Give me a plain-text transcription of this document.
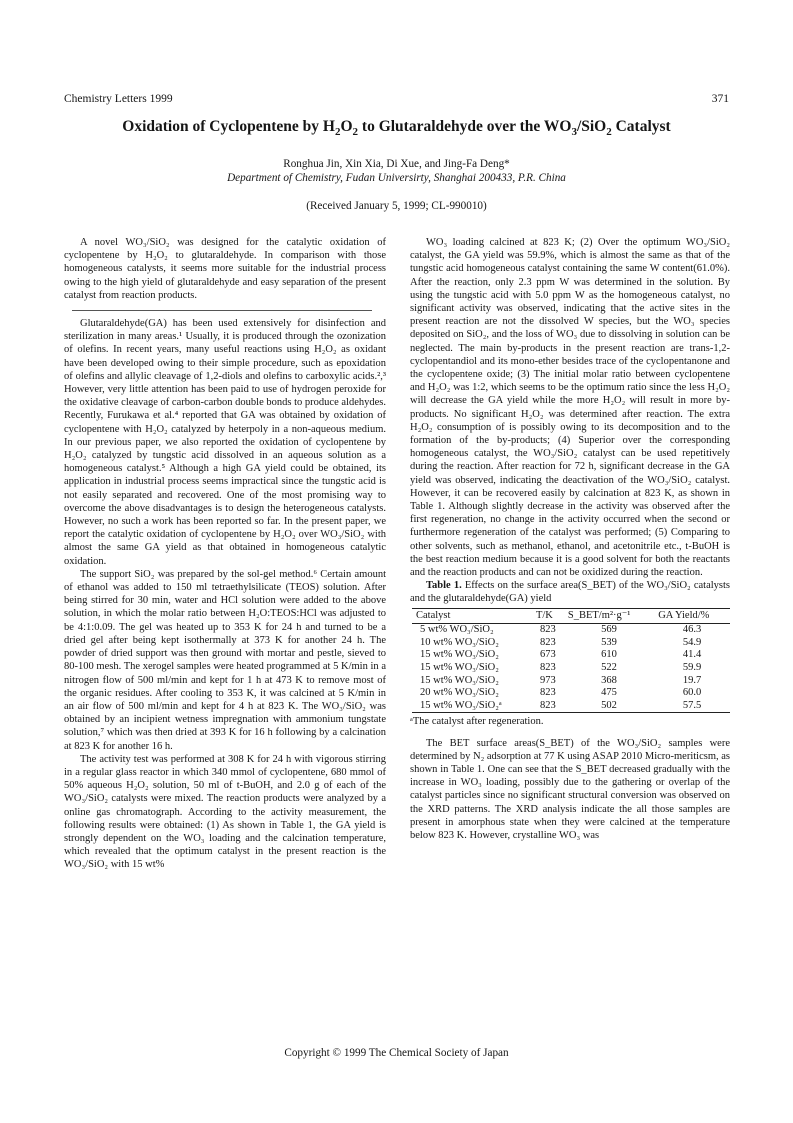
Chemistry Letters 1999	371
Oxidation of Cyclopentene by $H_2O_2$ to Glutaraldehyde over the $WO_3/SiO_2$ Catalyst
Ronghua Jin, Xin Xia, Di Xue, and Jing-Fa Deng*
Department of Chemistry, Fudan Universirty, Shanghai 200433, P.R. China
(Received January 5, 1999; CL-990010)

A novel WO₃/SiO₂ was designed for the catalytic oxidation of cyclopentene by H₂O₂ to glutaraldehyde. In comparison with those homogeneous catalysts, it seems more suitable for the industrial process owing to the high yield of glutaraldehyde and easy separation of the present catalyst from reaction products.

Glutaraldehyde(GA) has been used extensively for disinfection and sterilization in many areas.¹ Usually, it is produced through the ozonization of olefins. In recent years, many useful reactions using H₂O₂ as oxidant have been developed owing to their simple procedure, such as epoxidation of olefins and allylic cleavage of 1,2-diols and olefins to carboxylic acids.²,³ However, very little attention has been paid to use of hydrogen peroxide for the oxidative cleavage of carbon-carbon double bonds to produce aldehydes. Recently, Furukawa et al.⁴ reported that GA was obtained by oxidation of cyclopentene with H₂O₂ catalyzed by heterpoly in a non-aqueous medium. In our previous paper, we also reported the oxidation of cyclopentene by H₂O₂ catalyzed by tungstic acid dissolved in an aqueous solution as a homogeneous catalyst.⁵ Although a high GA yield could be obtained, its application in industrial process seems impractical since the tungstic acid is not easily separated and recovered. One of the most promising way to overcome the above disadvantages is to design the heterogeneous catalysts. However, no such a work has been reported so far. In the present paper, we report the catalytic oxidation of cyclopentene by H₂O₂ over WO₃/SiO₂ with almost the same GA yield as that obtained in homogeneous catalytic oxidation.

The support SiO₂ was prepared by the sol-gel method.⁶ Certain amount of ethanol was added to 150 ml tetraethylsilicate (TEOS) solution. After being stirred for 30 min, water and HCl solution were added to the above solution, in which the molar ratio between H₂O:TEOS:HCl was adjusted to be 4:1:0.09. The gel was heated up to 353 K for 24 h and turned to be a dried gel after being kept isothermally at 373 K for another 24 h. The powder of dried support was then ground with mortar and pestle, sieved to 80-100 mesh. The xerogel samples were heated programmed at 5 K/min in a nitrogen flow of 500 ml/min and kept for 1 h at 473 K to remove most of the organic residues. After cooling to 353 K, it was calcined at 5 K/min in an air flow of 500 ml/min and kept for 4 h at 823 K. The WO₃/SiO₂ was obtained by an incipient wetness impregnation with ammonium tungstate solution,⁷ which was then dried at 393 K for 16 h following by a calcination at 823 K for another 16 h.

The activity test was performed at 308 K for 24 h with vigorous stirring in a regular glass reactor in which 340 mmol of cyclopentene, 680 mmol of 50% aqueous H₂O₂ solution, 50 ml of t-BuOH, and 2.0 g of each of the WO₃/SiO₂ catalysts were mixed. The reaction products were analyzed by a online gas chromatograph. According to the activity measurement, the following results were obtained: (1) As shown in Table 1, the GA yield is strongly dependent on the WO₃ loading and the calcination temperature, which revealed that the optimum catalyst in the present reaction is the WO₃/SiO₂ with 15 wt%

WO₃ loading calcined at 823 K; (2) Over the optimum WO₃/SiO₂ catalyst, the GA yield was 59.9%, which is almost the same as that of the tungstic acid homogeneous catalyst containing the same W content(61.0%). After the reaction, only 2.3 ppm W was determined in the solution. By using the tungstic acid with 5.0 ppm W as the homogeneous catalyst, no significant activity was observed, indicating that the active sites in the present reaction are not the dissolved W species, but the WO₃ species deposited on SiO₂, and the loss of WO₃ due to dissolving in solution can be neglected. The main by-products in the present reaction are trans-1,2-cyclopentandiol and its mono-ether besides trace of the cyclopentanone and the cyclopentene oxide; (3) The initial molar ratio between cyclopentene and H₂O₂ was 1:2, which seems to be the optimum ratio since the less H₂O₂ will decrease the GA yield while the more H₂O₂ will result in more by-products. No significant H₂O₂ was determined after reaction. The extra H₂O₂ consumption of is possibly owing to its decomposition and to the formation of the by-products; (4) Superior over the corresponding homogeneous catalyst, the WO₃/SiO₂ catalyst can be used repetitively during the reaction. After reaction for 72 h, significant decrease in the GA yield was observed, indicating the deactivation of the WO₃/SiO₂ catalyst. However, it can be recovered easily by calcination at 823 K, as shown in Table 1. Although slightly decrease in the activity was observed after the first regeneration, no change in the activity occurred when the second or furthermore regeneration of the catalyst was performed; (5) Comparing to other solvents, such as methanol, ethanol, and acetonitrile etc., t-BuOH is the best reaction medium because it is a good solvent for both the reactants and the reaction products and can not be oxidized during the reaction.

Table 1. Effects on the surface area(S_BET) of the WO₃/SiO₂ catalysts and the glutaraldehyde(GA) yield

Catalyst	T/K	S_BET/m²·g⁻¹	GA Yield/%
5 wt% WO₃/SiO₂	823	569	46.3
10 wt% WO₃/SiO₂	823	539	54.9
15 wt% WO₃/SiO₂	673	610	41.4
15 wt% WO₃/SiO₂	823	522	59.9
15 wt% WO₃/SiO₂	973	368	19.7
20 wt% WO₃/SiO₂	823	475	60.0
15 wt% WO₃/SiO₂ᵃ	823	502	57.5

ᵃThe catalyst after regeneration.

The BET surface areas(S_BET) of the WO₃/SiO₂ samples were determined by N₂ adsorption at 77 K using ASAP 2010 Micro-meriticsm, as shown in Table 1. One can see that the S_BET decreased gradually with the increase in WO₃ loading, possibly due to the gathering or overlap of the catalyst particles since no significant structural conversion was observed on the XRD patterns. The XRD analysis indicate the all those samples are present in amorphous state when they were calcined at the temperature below 823 K. However, crystalline WO₃ was

Copyright © 1999 The Chemical Society of Japan
